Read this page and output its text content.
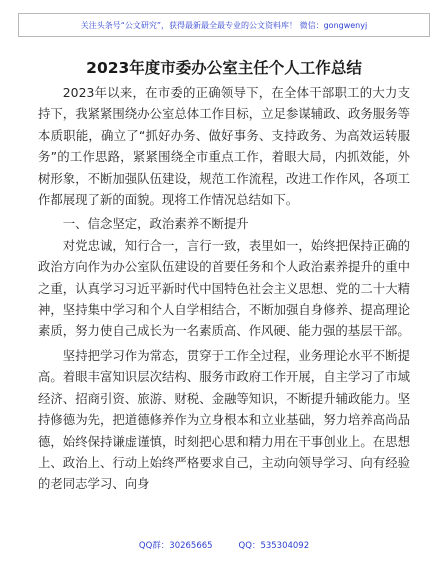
关注头条号“公文研究”，获得最新最全最专业的公文资料库！ 微信：gongwenyj
2023年度市委办公室主任个人工作总结

2023年以来，在市委的正确领导下，在全体干部职工的大力支持下，我紧紧围绕办公室总体工作目标，立足参谋辅政、政务服务等本质职能，确立了“抓好办务、做好事务、支持政务、为高效运转服务”的工作思路，紧紧围绕全市重点工作，着眼大局，内抓效能，外树形象，不断加强队伍建设，规范工作流程，改进工作作风，各项工作都展现了新的面貌。现将工作情况总结如下。

一、信念坚定，政治素养不断提升

对党忠诚，知行合一，言行一致，表里如一，始终把保持正确的政治方向作为办公室队伍建设的首要任务和个人政治素养提升的重中之重，认真学习习近平新时代中国特色社会主义思想、党的二十大精神，坚持集中学习和个人自学相结合，不断加强自身修养、提高理论素质，努力使自己成长为一名素质高、作风硬、能力强的基层干部。

坚持把学习作为常态，贯穿于工作全过程，业务理论水平不断提高。着眼丰富知识层次结构、服务市政府工作开展，自主学习了市域经济、招商引资、旅游、财税、金融等知识，不断提升辅政能力。坚持修德为先，把道德修养作为立身根本和立业基础，努力培养高尚品德，始终保持谦虚谨慎，时刻把心思和精力用在干事创业上。在思想上、政治上、行动上始终严格要求自己，主动向领导学习、向有经验的老同志学习、向身

QQ群：30265665	QQ：535304092
